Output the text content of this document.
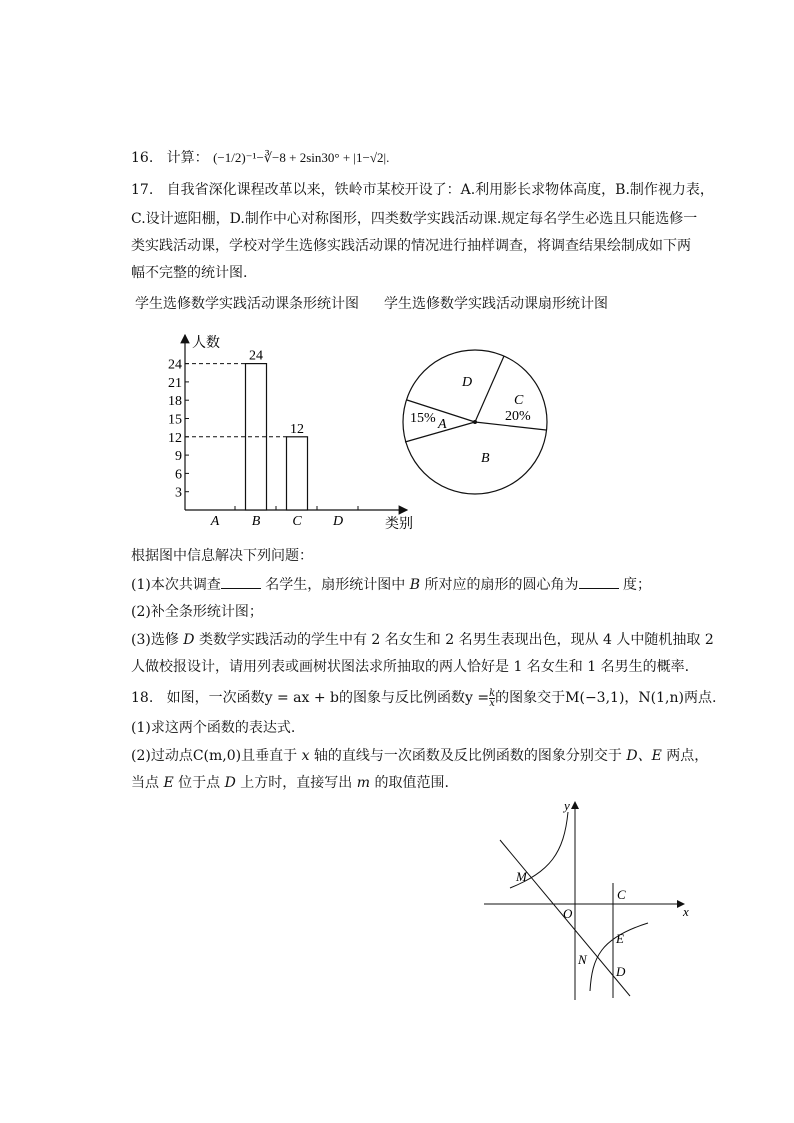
16. 计算： (−1/2)⁻¹−∛−8 + 2sin30° + |1−√2|.
17. 自我省深化课程改革以来，铁岭市某校开设了：A.利用影长求物体高度，B.制作视力表，
C.设计遮阳棚，D.制作中心对称图形，四类数学实践活动课.规定每名学生必选且只能选修一
类实践活动课，学校对学生选修实践活动课的情况进行抽样调查，将调查结果绘制成如下两
幅不完整的统计图.
学生选修数学实践活动课条形统计图 学生选修数学实践活动课扇形统计图
人数
类别
3
6
9
12
15
18
21
24
A B
24
C
12
D
D
C
20%
15% A
B
根据图中信息解决下列问题：
(1)本次共调查	名学生，扇形统计图中 B 所对应的扇形的圆心角为	度；
(2)补全条形统计图；
(3)选修 D 类数学实践活动的学生中有 2 名女生和 2 名男生表现出色，现从 4 人中随机抽取 2
人做校报设计，请用列表或画树状图法求所抽取的两人恰好是 1 名女生和 1 名男生的概率.
18. 如图，一次函数y = ax + b的图象与反比例函数$y = \frac{k}{x}$ 的图象交于M(−3,1)，N(1,n)两点.
(1)求这两个函数的表达式.
(2)过动点C(m,0)且垂直于 x 轴的直线与一次函数及反比例函数的图象分别交于 D、E 两点，
当点 E 位于点 D 上方时，直接写出 m 的取值范围.
y
x
O
M
C
E
N
D
